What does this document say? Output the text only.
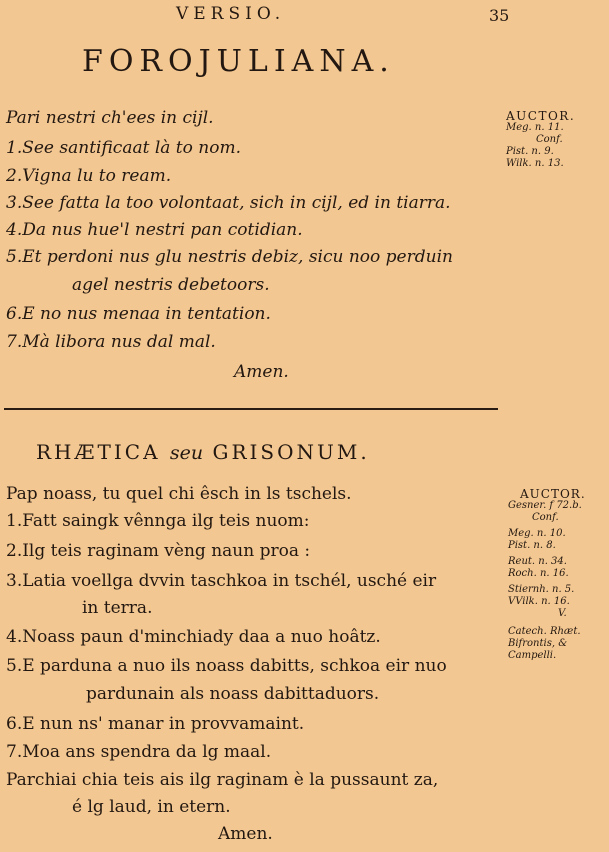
VERSIO.	35
FOROJULIANA.
Pari nestri ch'ees in cijl.
1.See santificaat là to nom.
2.Vigna lu to ream.
3.See fatta la too volontaat, sich in cijl, ed in tiarra.
4.Da nus hue'l nestri pan cotidian.
5.Et perdoni nus glu nestris debiz, sicu noo perduin
agel nestris debetoors.
6.E no nus menaa in tentation.
7.Mà libora nus dal mal.
Amen.
AUCTOR.
Meg. n. 11.
Conf.
Pist. n. 9.
Wilk. n. 13.
RHÆTICA seu GRISONUM.
Pap noass, tu quel chi êsch in ls tschels.
1.Fatt saingk vênnga ilg teis nuom:
2.Ilg teis raginam vèng naun proa :
3.Latia voellga dvvin taschkoa in tschél, usché eir
in terra.
4.Noass paun d'minchiady daa a nuo hoâtz.
5.E parduna a nuo ils noass dabitts, schkoa eir nuo
pardunain als noass dabittaduors.
6.E nun ns' manar in provvamaint.
7.Moa ans spendra da lg maal.
Parchiai chia teis ais ilg raginam è la pussaunt za,
é lg laud, in etern.
Amen.
AUCTOR.
Gesner. f 72.b.
Conf.
Meg. n. 10.
Pist. n. 8.
Reut. n. 34.
Roch. n. 16.
Stiernh. n. 5.
VVilk. n. 16.
V.
Catech. Rhæt.
Bifrontis, &
Campelli.
